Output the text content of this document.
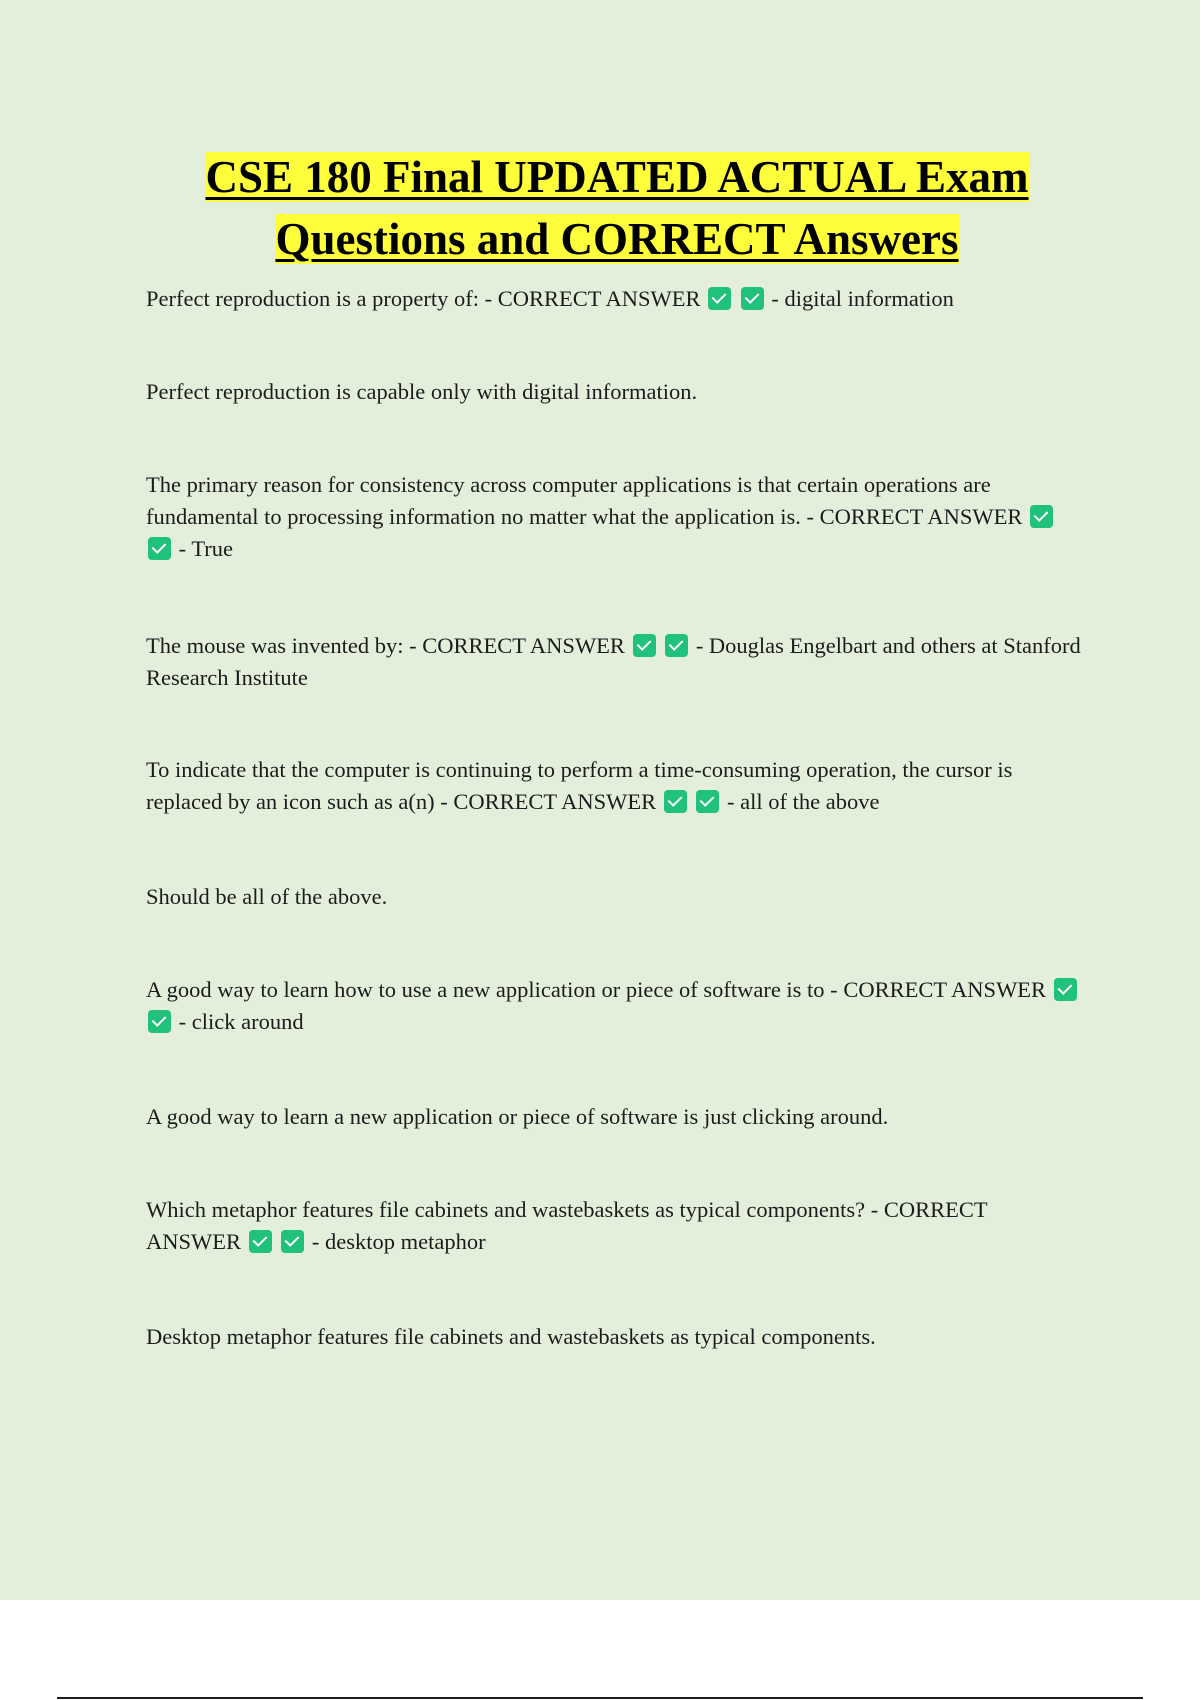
CSE 180 Final UPDATED ACTUAL Exam Questions and CORRECT Answers

Perfect reproduction is a property of: - CORRECT ANSWER	- digital information

Perfect reproduction is capable only with digital information.

The primary reason for consistency across computer applications is that certain operations are fundamental to processing information no matter what the application is. - CORRECT ANSWER   - True

The mouse was invented by: - CORRECT ANSWER	- Douglas Engelbart and others at Stanford Research Institute

To indicate that the computer is continuing to perform a time-consuming operation, the cursor is replaced by an icon such as a(n) - CORRECT ANSWER	- all of the above

Should be all of the above.

A good way to learn how to use a new application or piece of software is to - CORRECT ANSWER   - click around

A good way to learn a new application or piece of software is just clicking around.

Which metaphor features file cabinets and wastebaskets as typical components? - CORRECT ANSWER	- desktop metaphor

Desktop metaphor features file cabinets and wastebaskets as typical components.
